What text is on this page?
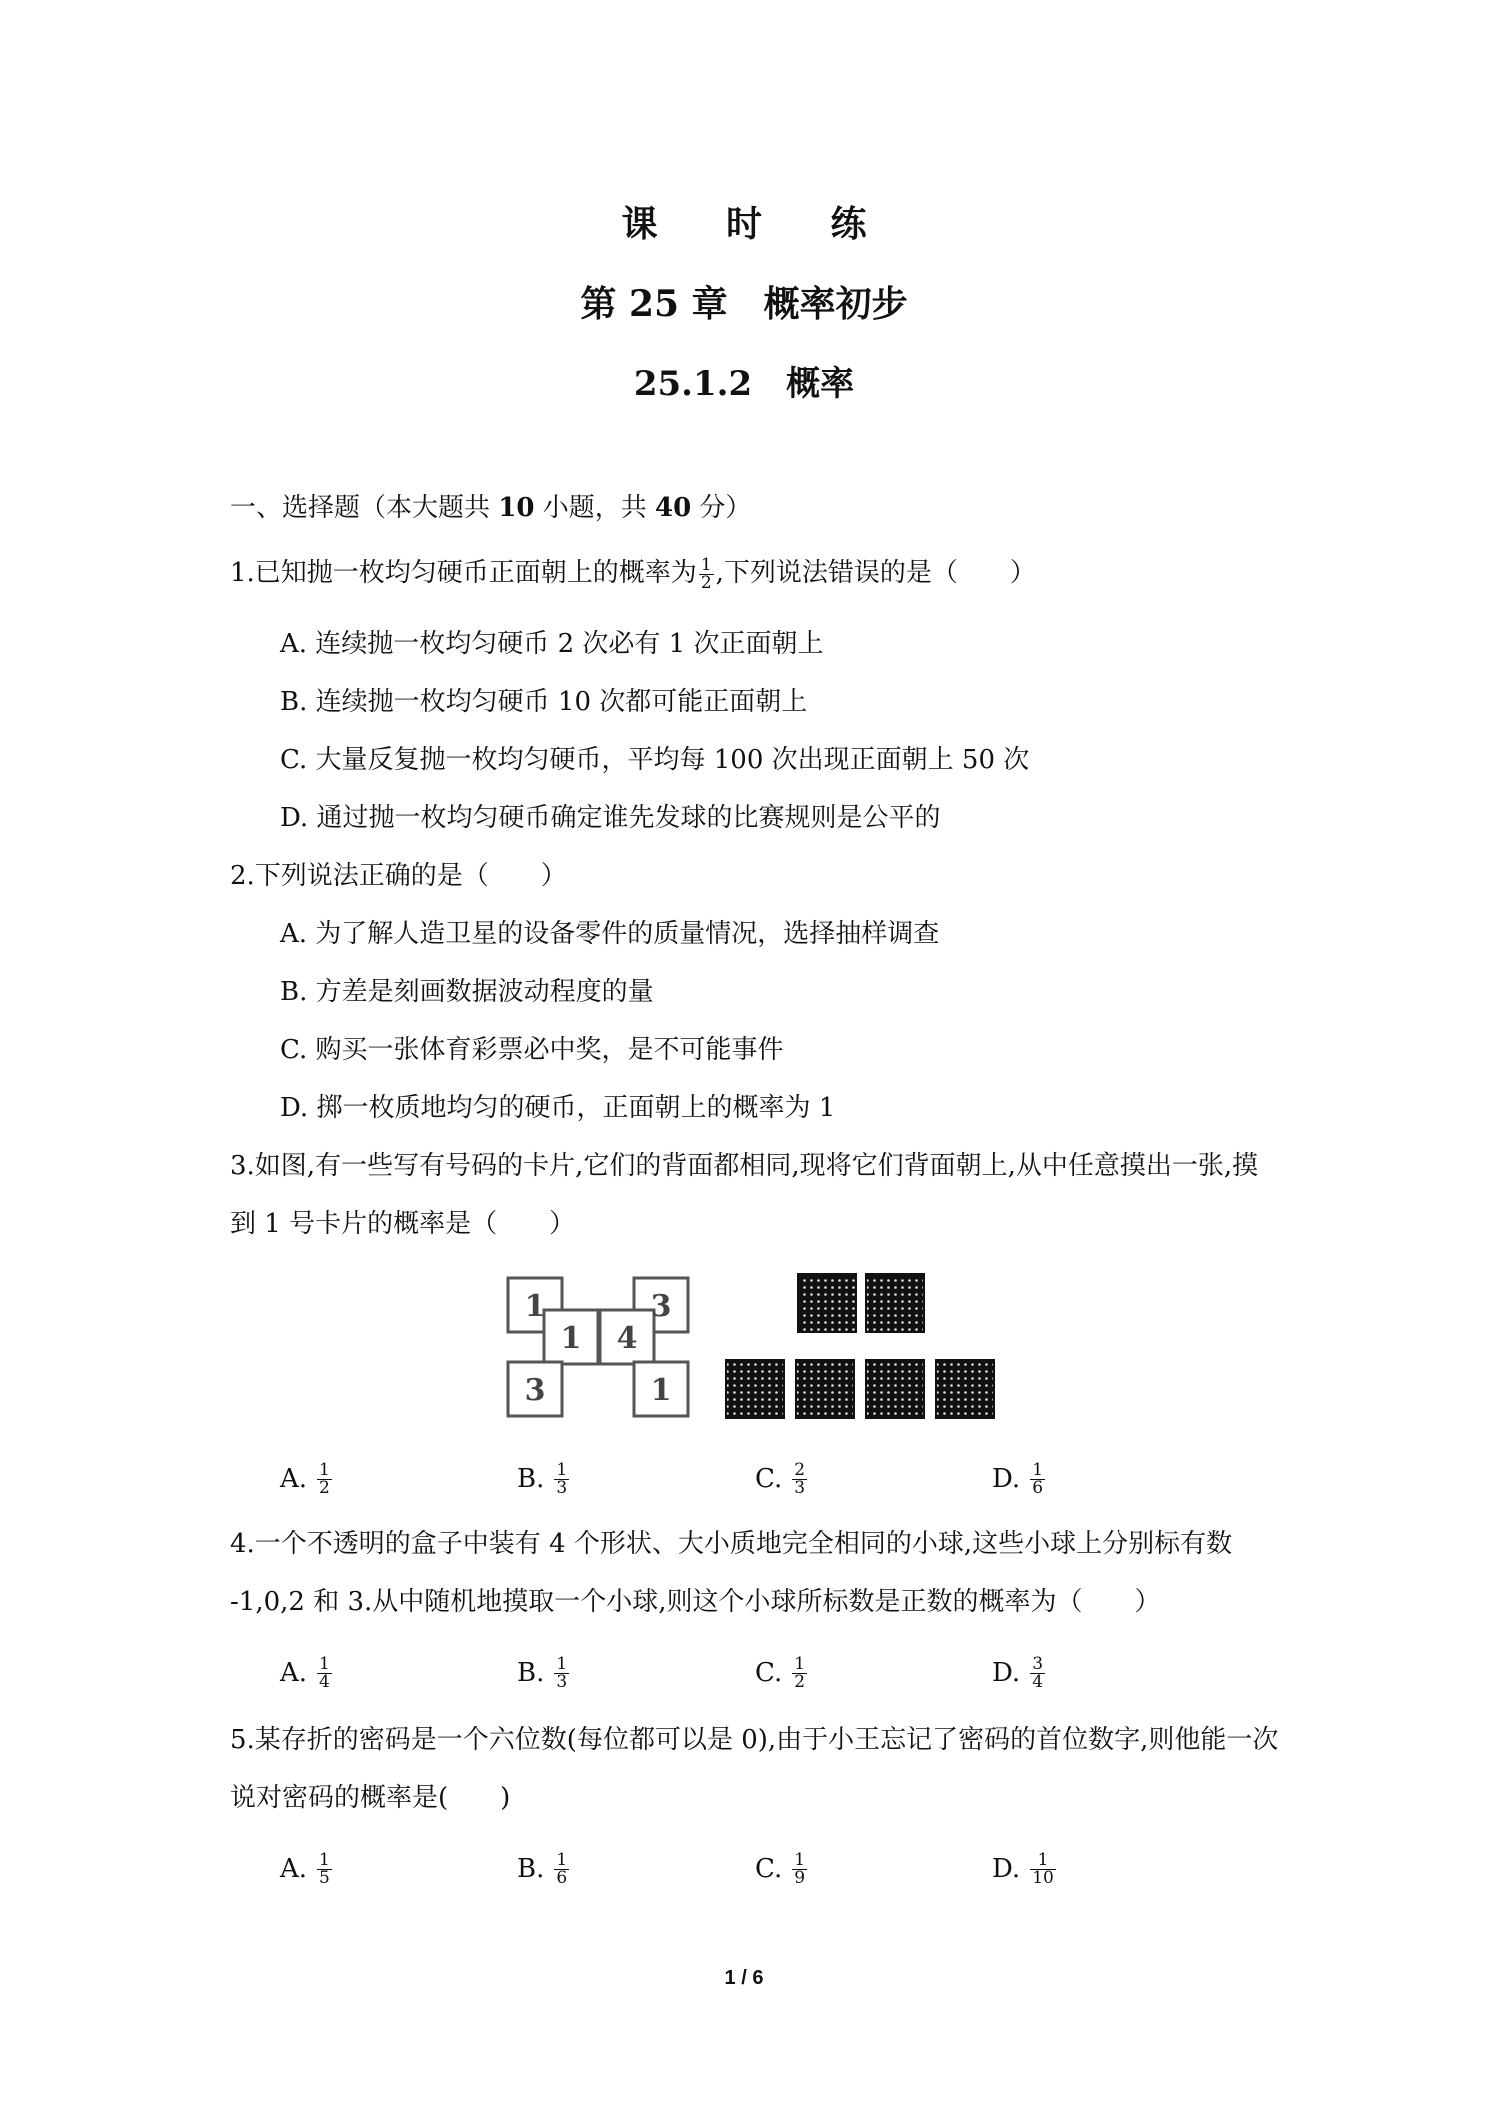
课 时 练
第 25 章　概率初步
25.1.2　概率
一、选择题（本大题共 10 小题，共 40 分）
1.已知抛一枚均匀硬币正面朝上的概率为 $\frac{1}{2}$ ,下列说法错误的是（　　）
A. 连续抛一枚均匀硬币 2 次必有 1 次正面朝上
B. 连续抛一枚均匀硬币 10 次都可能正面朝上
C. 大量反复抛一枚均匀硬币，平均每 100 次出现正面朝上 50 次
D. 通过抛一枚均匀硬币确定谁先发球的比赛规则是公平的
2.下列说法正确的是（　　）
A. 为了解人造卫星的设备零件的质量情况，选择抽样调查
B. 方差是刻画数据波动程度的量
C. 购买一张体育彩票必中奖，是不可能事件
D. 掷一枚质地均匀的硬币，正面朝上的概率为 1
3.如图,有一些写有号码的卡片,它们的背面都相同,现将它们背面朝上,从中任意摸出一张,摸
到 1 号卡片的概率是（　　）
1	3
1 4
3	1
A. $\frac{1}{2}$	B. $\frac{1}{3}$	C. $\frac{2}{3}$	D. $\frac{1}{6}$
4.一个不透明的盒子中装有 4 个形状、大小质地完全相同的小球,这些小球上分别标有数
-1,0,2 和 3.从中随机地摸取一个小球,则这个小球所标数是正数的概率为（　　）
A. $\frac{1}{4}$	B. $\frac{1}{3}$	C. $\frac{1}{2}$	D. $\frac{3}{4}$
5.某存折的密码是一个六位数(每位都可以是 0),由于小王忘记了密码的首位数字,则他能一次
说对密码的概率是(　　)
A. $\frac{1}{5}$	B. $\frac{1}{6}$	C. $\frac{1}{9}$	D. $\frac{1}{10}$
1 / 6
